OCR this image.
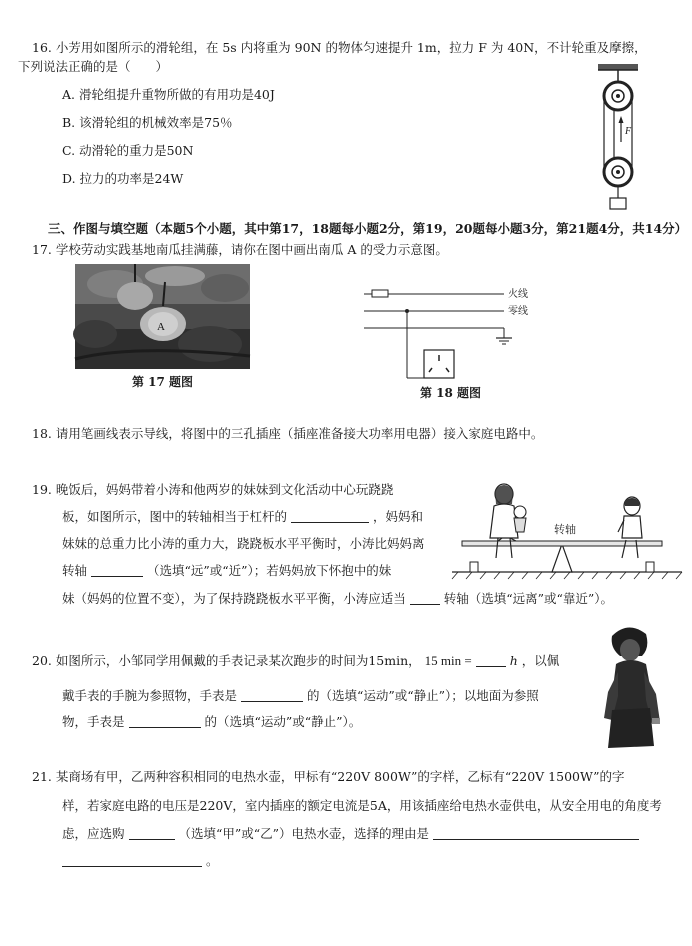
16. 小芳用如图所示的滑轮组，在 5s 内将重为 90N 的物体匀速提升 1m，拉力 F 为 40N，不计轮重及摩擦，
下列说法正确的是（　　）
A. 滑轮组提升重物所做的有用功是40J
B. 该滑轮组的机械效率是75％
C. 动滑轮的重力是50N
D. 拉力的功率是24W
F
三、作图与填空题（本题5个小题，其中第17，18题每小题2分，第19，20题每小题3分，第21题4分，共14分）
17. 学校劳动实践基地南瓜挂满藤，请你在图中画出南瓜 A 的受力示意图。
A
第 17 题图
火线
零线
第 18 题图
18. 请用笔画线表示导线，将图中的三孔插座（插座准备接大功率用电器）接入家庭电路中。
19. 晚饭后，妈妈带着小涛和他两岁的妹妹到文化活动中心玩跷跷
板，如图所示，图中的转轴相当于杠杆的	，妈妈和
妹妹的总重力比小涛的重力大，跷跷板水平平衡时，小涛比妈妈离
转轴	（选填“远”或“近”）；若妈妈放下怀抱中的妹
妹（妈妈的位置不变），为了保持跷跷板水平平衡，小涛应适当	转轴（选填“远离”或“靠近”）。
转轴
20. 如图所示，小邹同学用佩戴的手表记录某次跑步的时间为15min， 15 min =	h ，以佩
戴手表的手腕为参照物，手表是	的（选填“运动”或“静止”）；以地面为参照
物，手表是	的（选填“运动”或“静止”）。
21. 某商场有甲，乙两种容积相同的电热水壶，甲标有“220V 800W”的字样，乙标有“220V 1500W”的字
样，若家庭电路的电压是220V，室内插座的额定电流是5A，用该插座给电热水壶供电，从安全用电的角度考
虑，应选购	（选填“甲”或“乙”）电热水壶，选择的理由是
。
